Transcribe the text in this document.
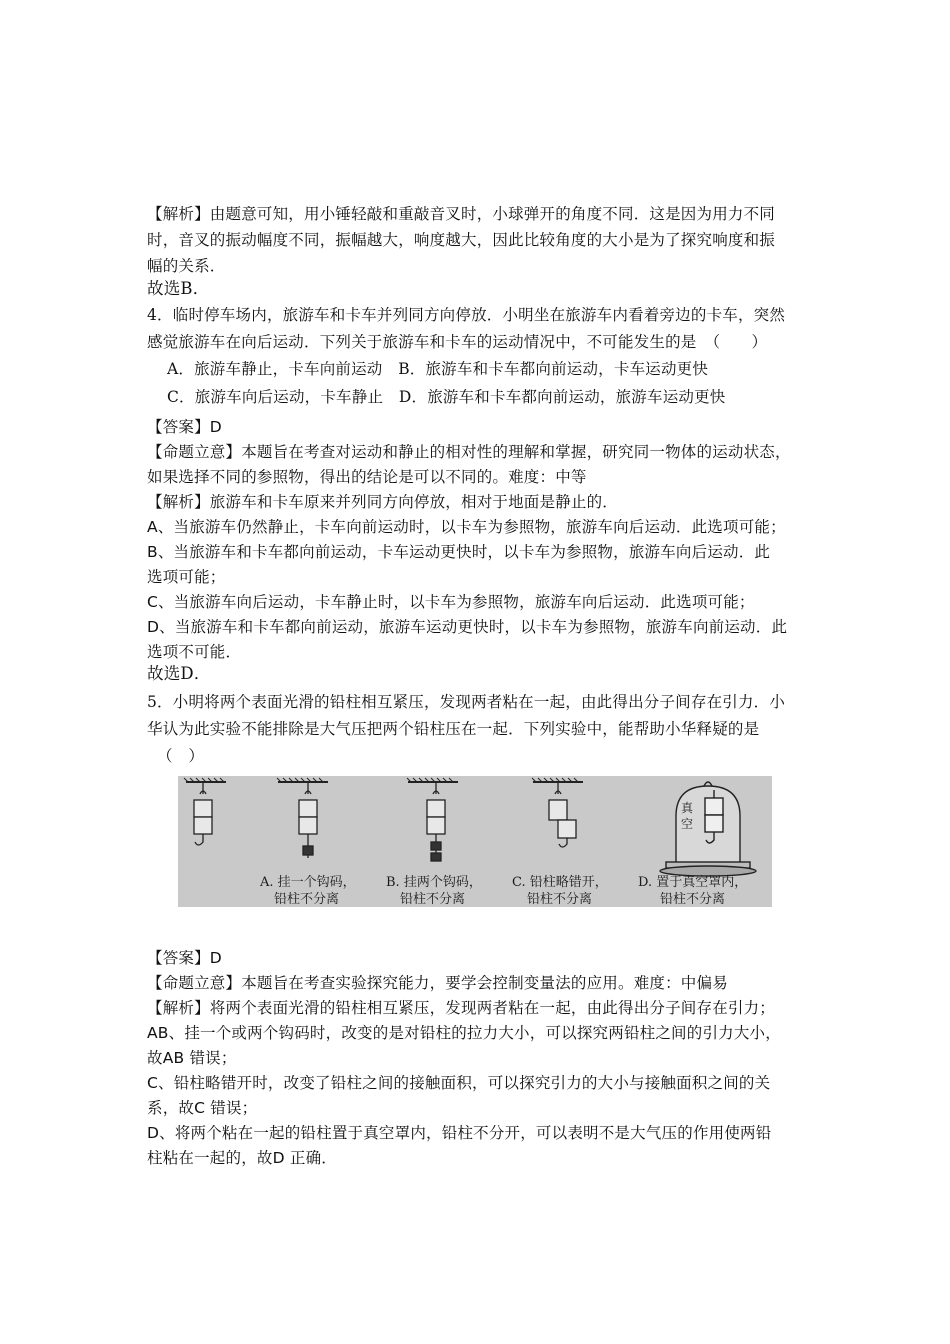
【解析】由题意可知，用小锤轻敲和重敲音叉时，小球弹开的角度不同．这是因为用力不同
时，音叉的振动幅度不同，振幅越大，响度越大，因此比较角度的大小是为了探究响度和振
幅的关系．
故选B．
4．临时停车场内，旅游车和卡车并列同方向停放．小明坐在旅游车内看着旁边的卡车，突然
感觉旅游车在向后运动．下列关于旅游车和卡车的运动情况中，不可能发生的是　（　　）
A．旅游车静止，卡车向前运动　B．旅游车和卡车都向前运动，卡车运动更快
C．旅游车向后运动，卡车静止　D．旅游车和卡车都向前运动，旅游车运动更快
【答案】D
【命题立意】本题旨在考查对运动和静止的相对性的理解和掌握，研究同一物体的运动状态，
如果选择不同的参照物，得出的结论是可以不同的。难度：中等
【解析】旅游车和卡车原来并列同方向停放，相对于地面是静止的．
A、当旅游车仍然静止，卡车向前运动时，以卡车为参照物，旅游车向后运动．此选项可能；
B、当旅游车和卡车都向前运动，卡车运动更快时，以卡车为参照物，旅游车向后运动．此
选项可能；
C、当旅游车向后运动，卡车静止时，以卡车为参照物，旅游车向后运动．此选项可能；
D、当旅游车和卡车都向前运动，旅游车运动更快时，以卡车为参照物，旅游车向前运动．此
选项不可能．
故选D．
5．小明将两个表面光滑的铅柱相互紧压，发现两者粘在一起，由此得出分子间存在引力．小
华认为此实验不能排除是大气压把两个铅柱压在一起．下列实验中，能帮助小华释疑的是
（　）
真
空
A. 挂一个钩码，
铅柱不分离
B. 挂两个钩码，
铅柱不分离
C. 铅柱略错开，
铅柱不分离
D. 置于真空罩内，
铅柱不分离
【答案】D
【命题立意】本题旨在考查实验探究能力，要学会控制变量法的应用。难度：中偏易
【解析】将两个表面光滑的铅柱相互紧压，发现两者粘在一起，由此得出分子间存在引力；
AB、挂一个或两个钩码时，改变的是对铅柱的拉力大小，可以探究两铅柱之间的引力大小，
故AB 错误；
C、铅柱略错开时，改变了铅柱之间的接触面积，可以探究引力的大小与接触面积之间的关
系，故C 错误；
D、将两个粘在一起的铅柱置于真空罩内，铅柱不分开，可以表明不是大气压的作用使两铅
柱粘在一起的，故D 正确．
